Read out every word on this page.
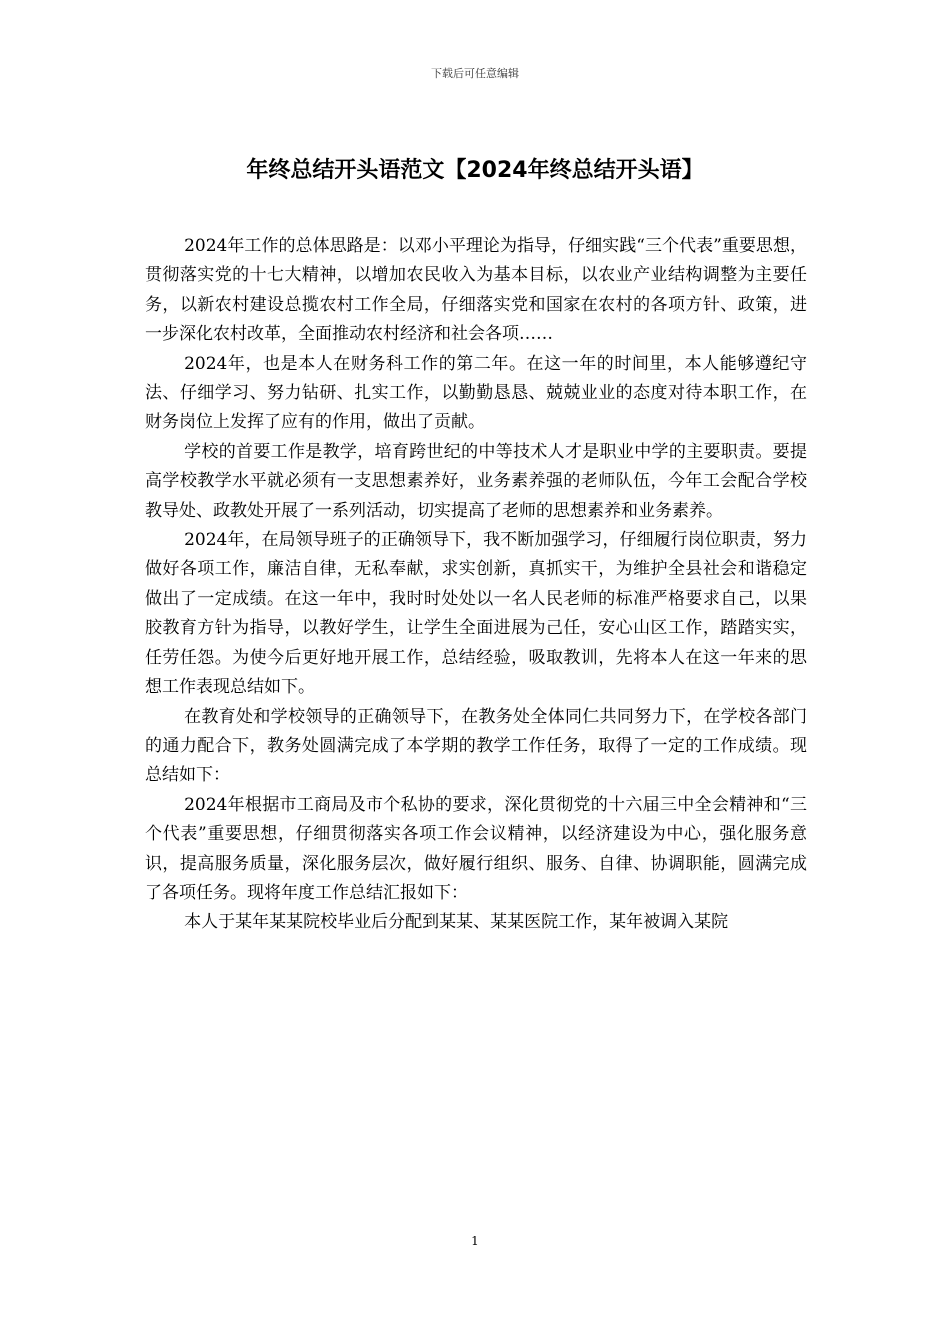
下载后可任意编辑
年终总结开头语范文【2024年终总结开头语】

2024年工作的总体思路是：以邓小平理论为指导，仔细实践“三个代表”重要思想，贯彻落实党的十七大精神，以增加农民收入为基本目标，以农业产业结构调整为主要任务，以新农村建设总揽农村工作全局，仔细落实党和国家在农村的各项方针、政策，进一步深化农村改革，全面推动农村经济和社会各项……

2024年，也是本人在财务科工作的第二年。在这一年的时间里，本人能够遵纪守法、仔细学习、努力钻研、扎实工作，以勤勤恳恳、兢兢业业的态度对待本职工作，在财务岗位上发挥了应有的作用，做出了贡献。

学校的首要工作是教学，培育跨世纪的中等技术人才是职业中学的主要职责。要提高学校教学水平就必须有一支思想素养好，业务素养强的老师队伍，今年工会配合学校教导处、政教处开展了一系列活动，切实提高了老师的思想素养和业务素养。

2024年，在局领导班子的正确领导下，我不断加强学习，仔细履行岗位职责，努力做好各项工作，廉洁自律，无私奉献，求实创新，真抓实干，为维护全县社会和谐稳定做出了一定成绩。在这一年中，我时时处处以一名人民老师的标准严格要求自己，以果胶教育方针为指导，以教好学生，让学生全面进展为己任，安心山区工作，踏踏实实，任劳任怨。为使今后更好地开展工作，总结经验，吸取教训，先将本人在这一年来的思想工作表现总结如下。

在教育处和学校领导的正确领导下，在教务处全体同仁共同努力下，在学校各部门的通力配合下，教务处圆满完成了本学期的教学工作任务，取得了一定的工作成绩。现总结如下：

2024年根据市工商局及市个私协的要求，深化贯彻党的十六届三中全会精神和“三个代表”重要思想，仔细贯彻落实各项工作会议精神，以经济建设为中心，强化服务意识，提高服务质量，深化服务层次，做好履行组织、服务、自律、协调职能，圆满完成了各项任务。现将年度工作总结汇报如下：

本人于某年某某院校毕业后分配到某某、某某医院工作，某年被调入某院

1
